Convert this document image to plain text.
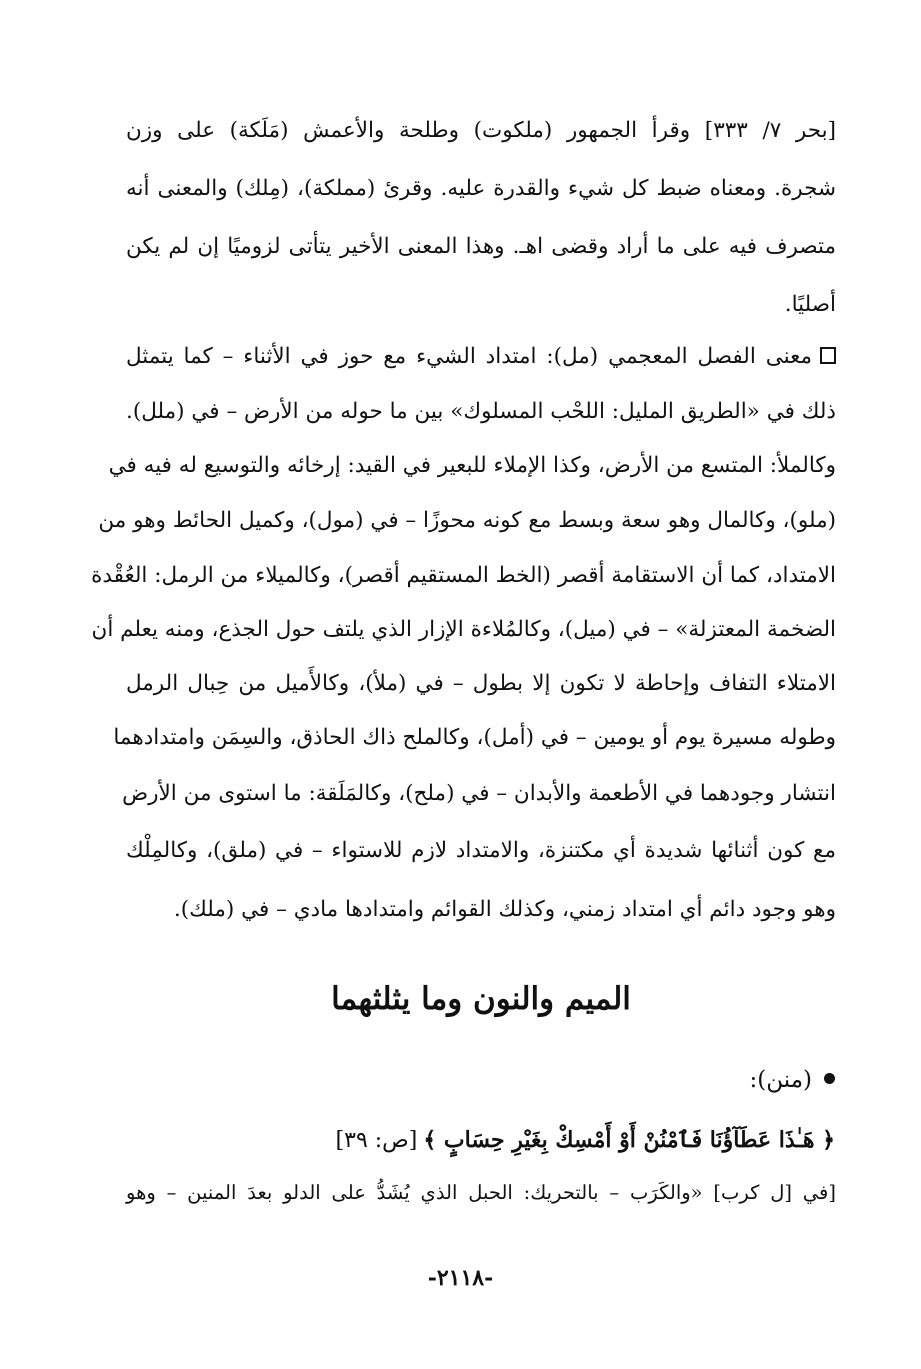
[بحر ٧/ ٣٣٣] وقرأ الجمهور (ملكوت) وطلحة والأعمش (مَلَكة) على وزن
شجرة. ومعناه ضبط كل شيء والقدرة عليه. وقرئ (مملكة)، (مِلك) والمعنى أنه
متصرف فيه على ما أراد وقضى اهـ. وهذا المعنى الأخير يتأتى لزوميًا إن لم يكن
أصليًا.
معنى الفصل المعجمي (مل): امتداد الشيء مع حوز في الأثناء – كما يتمثل
ذلك في «الطريق المليل: اللحْب المسلوك» بين ما حوله من الأرض – في (ملل).
وكالملأ: المتسع من الأرض، وكذا الإملاء للبعير في القيد: إرخائه والتوسيع له فيه في
(ملو)، وكالمال وهو سعة وبسط مع كونه محوزًا – في (مول)، وكميل الحائط وهو من
الامتداد، كما أن الاستقامة أقصر (الخط المستقيم أقصر)، وكالميلاء من الرمل: العُقْدة
الضخمة المعتزلة» – في (ميل)، وكالمُلاءة الإزار الذي يلتف حول الجذع، ومنه يعلم أن
الامتلاء التفاف وإحاطة لا تكون إلا بطول – في (ملأ)، وكالأَميل من حِبال الرمل
وطوله مسيرة يوم أو يومين – في (أمل)، وكالملح ذاك الحاذق، والسِمَن وامتدادهما
انتشار وجودهما في الأطعمة والأبدان – في (ملح)، وكالمَلَقة: ما استوى من الأرض
مع كون أثنائها شديدة أي مكتنزة، والامتداد لازم للاستواء – في (ملق)، وكالمِلْك
وهو وجود دائم أي امتداد زمني، وكذلك القوائم وامتدادها مادي – في (ملك).
الميم والنون وما يثلثهما
(منن):
﴿ هَـٰذَا عَطَآؤُنَا فَٱمْنُنْ أَوْ أَمْسِكْ بِغَيْرِ حِسَابٍ ﴾[ص: ٣٩]
[في [ل كرب] «والكَرَب – بالتحريك: الحبل الذي يُشَدُّ على الدلو بعدَ المنين – وهو
-٢١١٨-
